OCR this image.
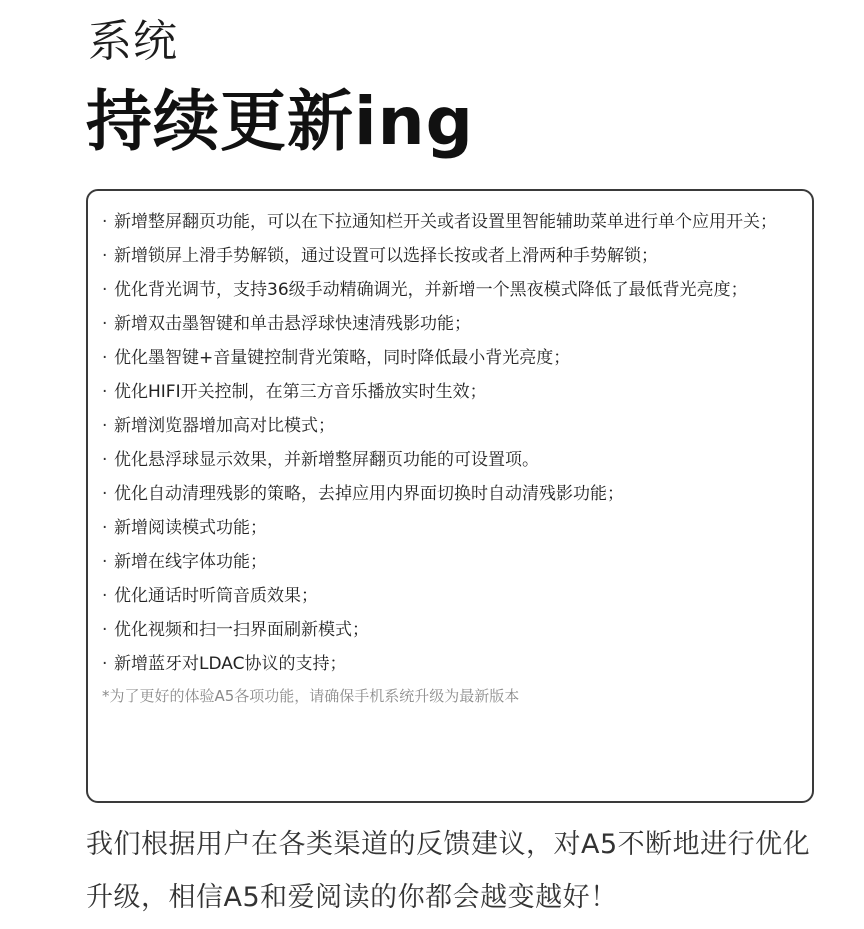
系统
持续更新ing
· 新增整屏翻页功能，可以在下拉通知栏开关或者设置里智能辅助菜单进行单个应用开关；
· 新增锁屏上滑手势解锁，通过设置可以选择长按或者上滑两种手势解锁；
· 优化背光调节，支持36级手动精确调光，并新增一个黑夜模式降低了最低背光亮度；
· 新增双击墨智键和单击悬浮球快速清残影功能；
· 优化墨智键+音量键控制背光策略，同时降低最小背光亮度；
· 优化HIFI开关控制，在第三方音乐播放实时生效；
· 新增浏览器增加高对比模式；
· 优化悬浮球显示效果，并新增整屏翻页功能的可设置项。
· 优化自动清理残影的策略，去掉应用内界面切换时自动清残影功能；
· 新增阅读模式功能；
· 新增在线字体功能；
· 优化通话时听筒音质效果；
· 优化视频和扫一扫界面刷新模式；
· 新增蓝牙对LDAC协议的支持；
*为了更好的体验A5各项功能，请确保手机系统升级为最新版本
我们根据用户在各类渠道的反馈建议，对A5不断地进行优化升级，相信A5和爱阅读的你都会越变越好！
